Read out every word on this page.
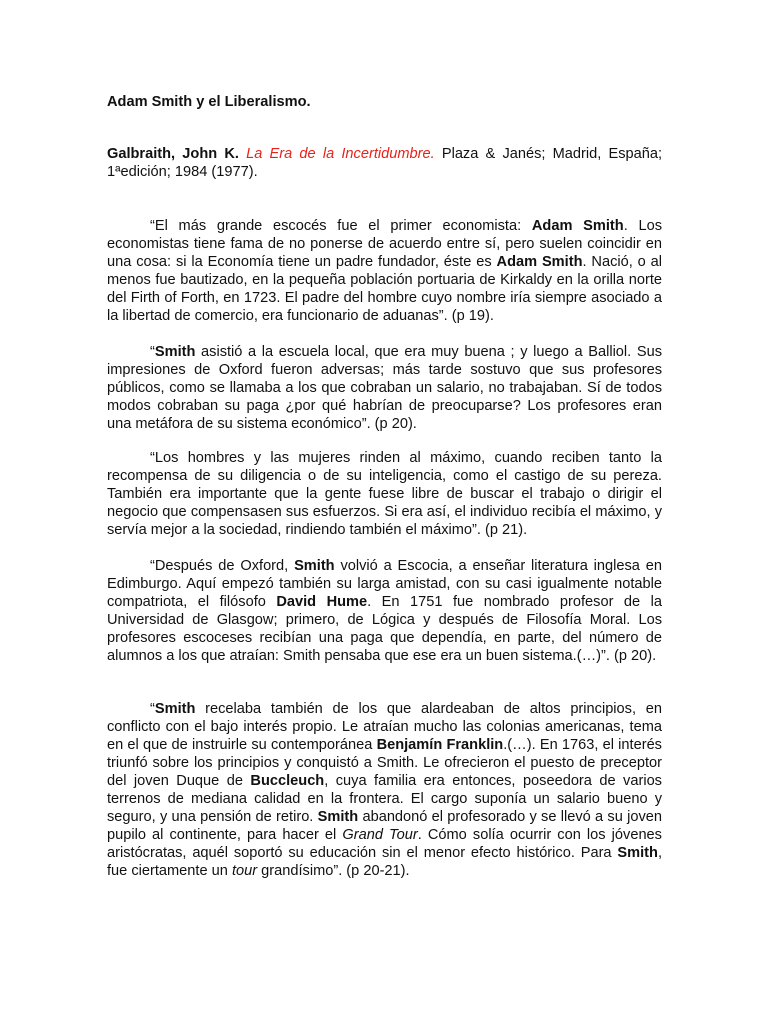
Adam Smith y el Liberalismo.
Galbraith, John K. La Era de la Incertidumbre. Plaza & Janés; Madrid, España; 1ªedición; 1984 (1977).

“El más grande escocés fue el primer economista: Adam Smith. Los economistas tiene fama de no ponerse de acuerdo entre sí, pero suelen coincidir en una cosa: si la Economía tiene un padre fundador, éste es Adam Smith. Nació, o al menos fue bautizado, en la pequeña población portuaria de Kirkaldy en la orilla norte del Firth of Forth, en 1723. El padre del hombre cuyo nombre iría siempre asociado a la libertad de comercio, era funcionario de aduanas”. (p 19).

“Smith asistió a la escuela local, que era muy buena ; y luego a Balliol. Sus impresiones de Oxford fueron adversas; más tarde sostuvo que sus profesores públicos, como se llamaba a los que cobraban un salario, no trabajaban. Sí de todos modos cobraban su paga ¿por qué habrían de preocuparse? Los profesores eran una metáfora de su sistema económico”. (p 20).

“Los hombres y las mujeres rinden al máximo, cuando reciben tanto la recompensa de su diligencia o de su inteligencia, como el castigo de su pereza. También era importante que la gente fuese libre de buscar el trabajo o dirigir el negocio que compensasen sus esfuerzos. Si era así, el individuo recibía el máximo, y servía mejor a la sociedad, rindiendo también el máximo”. (p 21).

“Después de Oxford, Smith volvió a Escocia, a enseñar literatura inglesa en Edimburgo. Aquí empezó también su larga amistad, con su casi igualmente notable compatriota, el filósofo David Hume. En 1751 fue nombrado profesor de la Universidad de Glasgow; primero, de Lógica y después de Filosofía Moral. Los profesores escoceses recibían una paga que dependía, en parte, del número de alumnos a los que atraían: Smith pensaba que ese era un buen sistema.(…)”. (p 20).

“Smith recelaba también de los que alardeaban de altos principios, en conflicto con el bajo interés propio. Le atraían mucho las colonias americanas, tema en el que de instruirle su contemporánea Benjamín Franklin.(…). En 1763, el interés triunfó sobre los principios y conquistó a Smith. Le ofrecieron el puesto de preceptor del joven Duque de Buccleuch, cuya familia era entonces, poseedora de varios terrenos de mediana calidad en la frontera. El cargo suponía un salario bueno y seguro, y una pensión de retiro. Smith abandonó el profesorado y se llevó a su joven pupilo al continente, para hacer el Grand Tour. Cómo solía ocurrir con los jóvenes aristócratas, aquél soportó su educación sin el menor efecto histórico. Para Smith, fue ciertamente un tour grandísimo”. (p 20-21).
